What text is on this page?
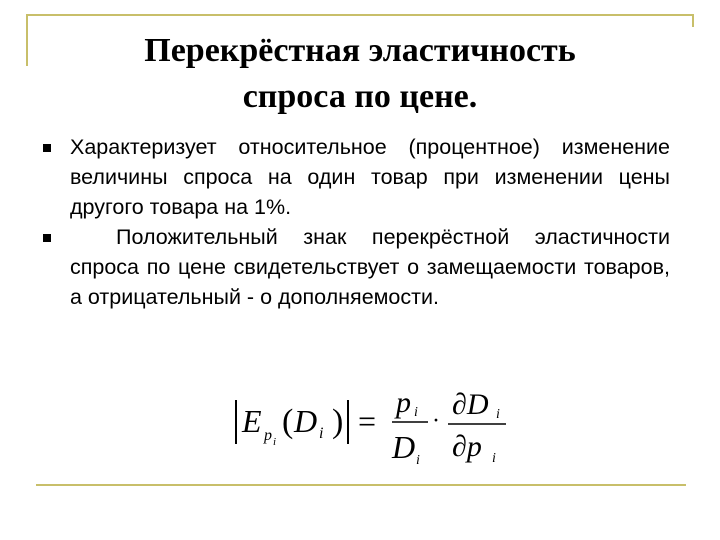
Перекрёстная эластичность
спроса по цене.
Характеризует относительное (процентное) изменение величины спроса на один товар при изменении цены другого товара на 1%.
Положительный знак перекрёстной эластичности спроса по цене свидетельствует о замещаемости товаров, а отрицательный - о дополняемости.
E p i
( D i ) =
p i
D i
· ∂D i
∂p i
